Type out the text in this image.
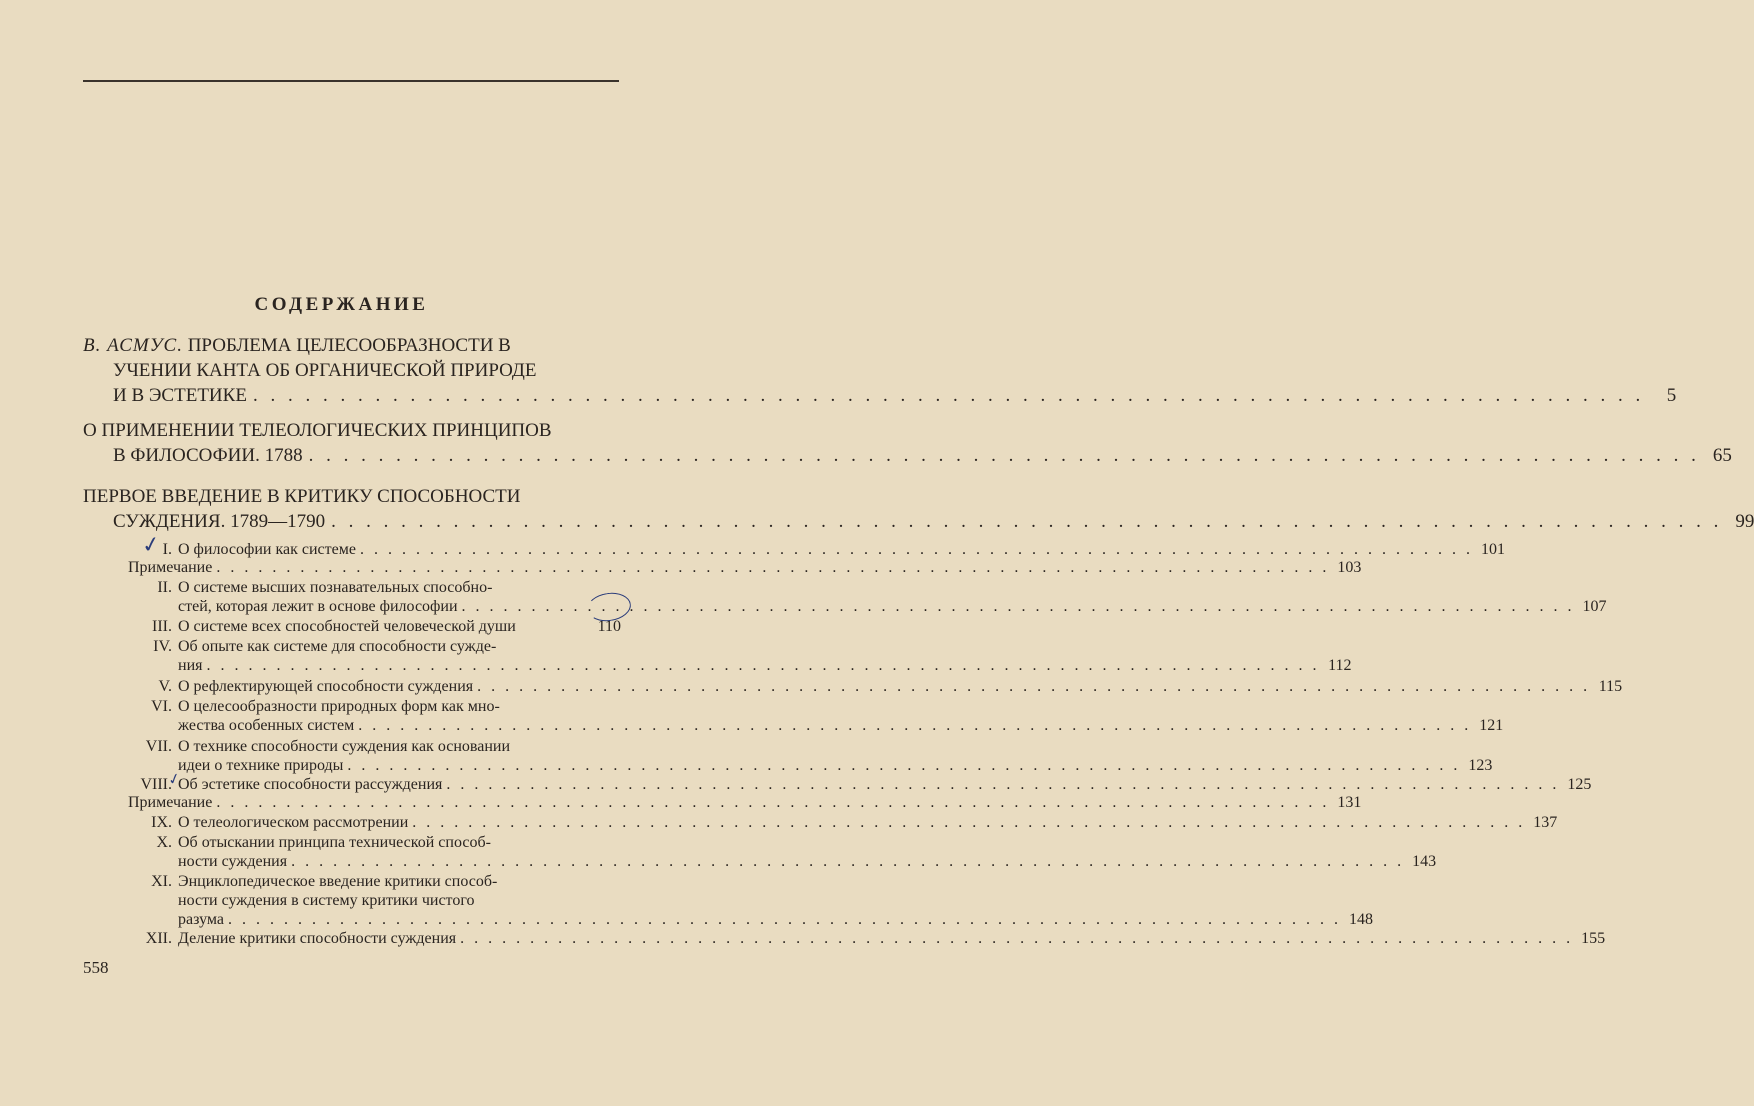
СОДЕРЖАНИЕ
В. АСМУС. ПРОБЛЕМА ЦЕЛЕСООБРАЗНОСТИ В
УЧЕНИИ КАНТА ОБ ОРГАНИЧЕСКОЙ ПРИРОДЕ
И В ЭСТЕТИКЕ . . . . . . . . . . . . . . . . . . . . . . . . . . . . . . . . . . . . . . . . . . . . . . . . . . . . . . . . . . . . . . . . . . . . . . . . . . . . . . . .	5
О ПРИМЕНЕНИИ ТЕЛЕОЛОГИЧЕСКИХ ПРИНЦИПОВ
В ФИЛОСОФИИ. 1788 . . . . . . . . . . . . . . . . . . . . . . . . . . . . . . . . . . . . . . . . . . . . . . . . . . . . . . . . . . . . . . . . . . . . . . . . . . . . . . . . 65
ПЕРВОЕ ВВЕДЕНИЕ В КРИТИКУ СПОСОБНОСТИ
СУЖДЕНИЯ. 1789—1790 . . . . . . . . . . . . . . . . . . . . . . . . . . . . . . . . . . . . . . . . . . . . . . . . . . . . . . . . . . . . . . . . . . . . . . . . . . . . . . . . 99
I. О философии как системе . . . . . . . . . . . . . . . . . . . . . . . . . . . . . . . . . . . . . . . . . . . . . . . . . . . . . . . . . . . . . . . . . . . . . . . . . . . . . . . . 101
Примечание . . . . . . . . . . . . . . . . . . . . . . . . . . . . . . . . . . . . . . . . . . . . . . . . . . . . . . . . . . . . . . . . . . . . . . . . . . . . . . . . 103
II. О системе высших познавательных способно-
стей, которая лежит в основе философии . . . . . . . . . . . . . . . . . . . . . . . . . . . . . . . . . . . . . . . . . . . . . . . . . . . . . . . . . . . . . . . . . . . . . . . . . . . . . . . . 107
III. О системе всех способностей человеческой души	110
IV. Об опыте как системе для способности сужде-
ния . . . . . . . . . . . . . . . . . . . . . . . . . . . . . . . . . . . . . . . . . . . . . . . . . . . . . . . . . . . . . . . . . . . . . . . . . . . . . . . . 112
V. О рефлектирующей способности суждения . . . . . . . . . . . . . . . . . . . . . . . . . . . . . . . . . . . . . . . . . . . . . . . . . . . . . . . . . . . . . . . . . . . . . . . . . . . . . . . . 115
VI. О целесообразности природных форм как мно-
жества особенных систем . . . . . . . . . . . . . . . . . . . . . . . . . . . . . . . . . . . . . . . . . . . . . . . . . . . . . . . . . . . . . . . . . . . . . . . . . . . . . . . . 121
VII. О технике способности суждения как основании
идеи о технике природы . . . . . . . . . . . . . . . . . . . . . . . . . . . . . . . . . . . . . . . . . . . . . . . . . . . . . . . . . . . . . . . . . . . . . . . . . . . . . . . . 123
VIII. Об эстетике способности рассуждения . . . . . . . . . . . . . . . . . . . . . . . . . . . . . . . . . . . . . . . . . . . . . . . . . . . . . . . . . . . . . . . . . . . . . . . . . . . . . . . . 125
Примечание . . . . . . . . . . . . . . . . . . . . . . . . . . . . . . . . . . . . . . . . . . . . . . . . . . . . . . . . . . . . . . . . . . . . . . . . . . . . . . . . 131
IX. О телеологическом рассмотрении . . . . . . . . . . . . . . . . . . . . . . . . . . . . . . . . . . . . . . . . . . . . . . . . . . . . . . . . . . . . . . . . . . . . . . . . . . . . . . . . 137
X. Об отыскании принципа технической способ-
ности суждения . . . . . . . . . . . . . . . . . . . . . . . . . . . . . . . . . . . . . . . . . . . . . . . . . . . . . . . . . . . . . . . . . . . . . . . . . . . . . . . . 143
XI. Энциклопедическое введение критики способ-
ности суждения в систему критики чистого
разума . . . . . . . . . . . . . . . . . . . . . . . . . . . . . . . . . . . . . . . . . . . . . . . . . . . . . . . . . . . . . . . . . . . . . . . . . . . . . . . . 148
XII. Деление критики способности суждения . . . . . . . . . . . . . . . . . . . . . . . . . . . . . . . . . . . . . . . . . . . . . . . . . . . . . . . . . . . . . . . . . . . . . . . . . . . . . . . . 155
558
✓
✓
